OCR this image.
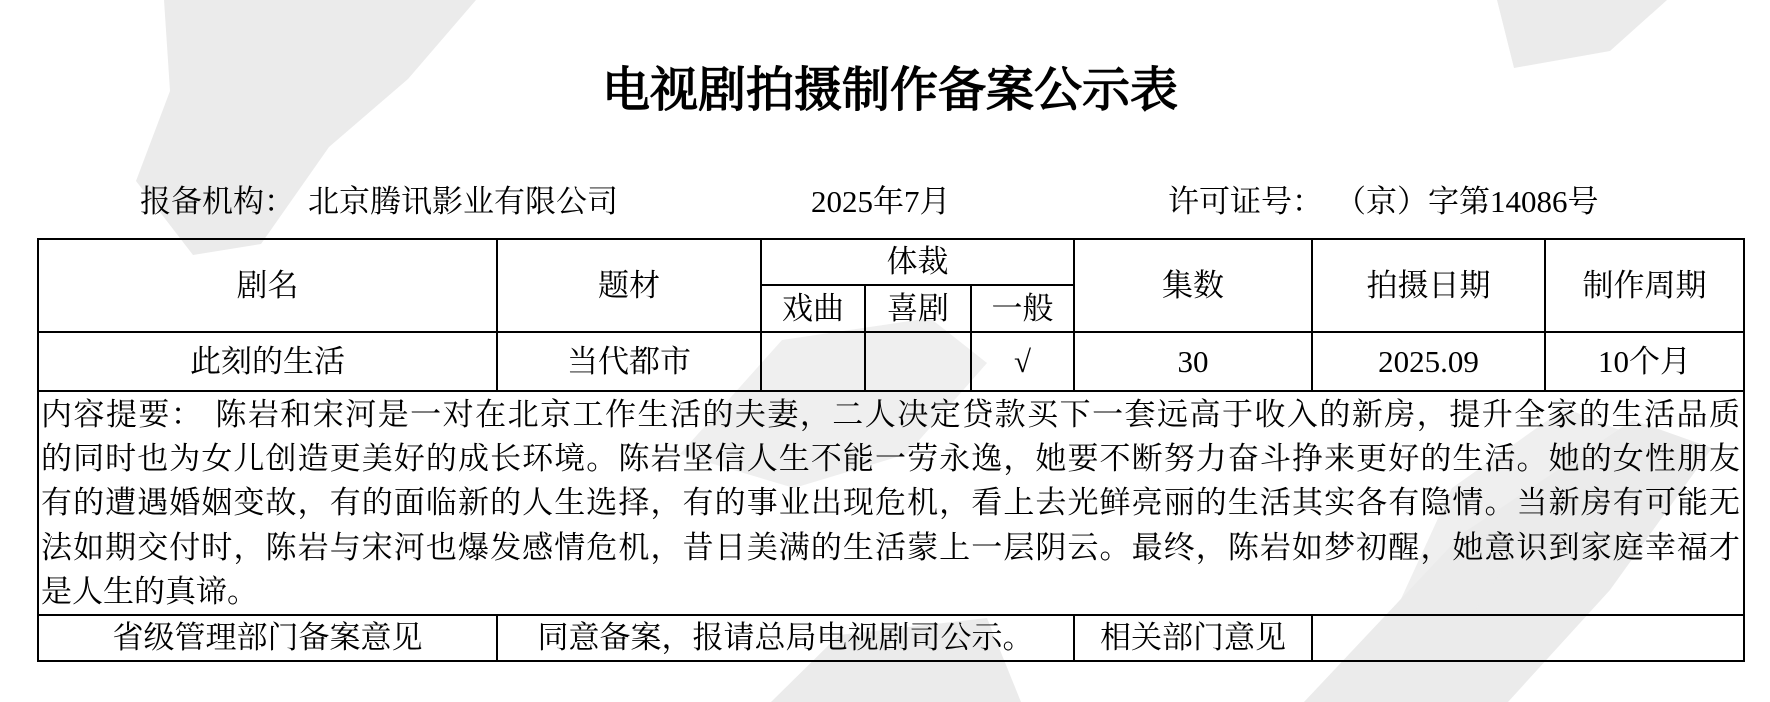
电视剧拍摄制作备案公示表
报备机构： 北京腾讯影业有限公司	2025年7月	许可证号： （京）字第14086号
剧名	题材	体裁			集数	拍摄日期	制作周期
		戏曲	喜剧	一般			
此刻的生活	当代都市			√	30	2025.09	10个月

内容提要： 陈岩和宋河是一对在北京工作生活的夫妻，二人决定贷款买下一套远高于收入的新房，提升全家的生活品质
的同时也为女儿创造更美好的成长环境。陈岩坚信人生不能一劳永逸，她要不断努力奋斗挣来更好的生活。她的女性朋友
有的遭遇婚姻变故，有的面临新的人生选择，有的事业出现危机，看上去光鲜亮丽的生活其实各有隐情。当新房有可能无
法如期交付时，陈岩与宋河也爆发感情危机，昔日美满的生活蒙上一层阴云。最终，陈岩如梦初醒，她意识到家庭幸福才
是人生的真谛。							

省级管理部门备案意见	同意备案，报请总局电视剧司公示。				相关部门意见		
